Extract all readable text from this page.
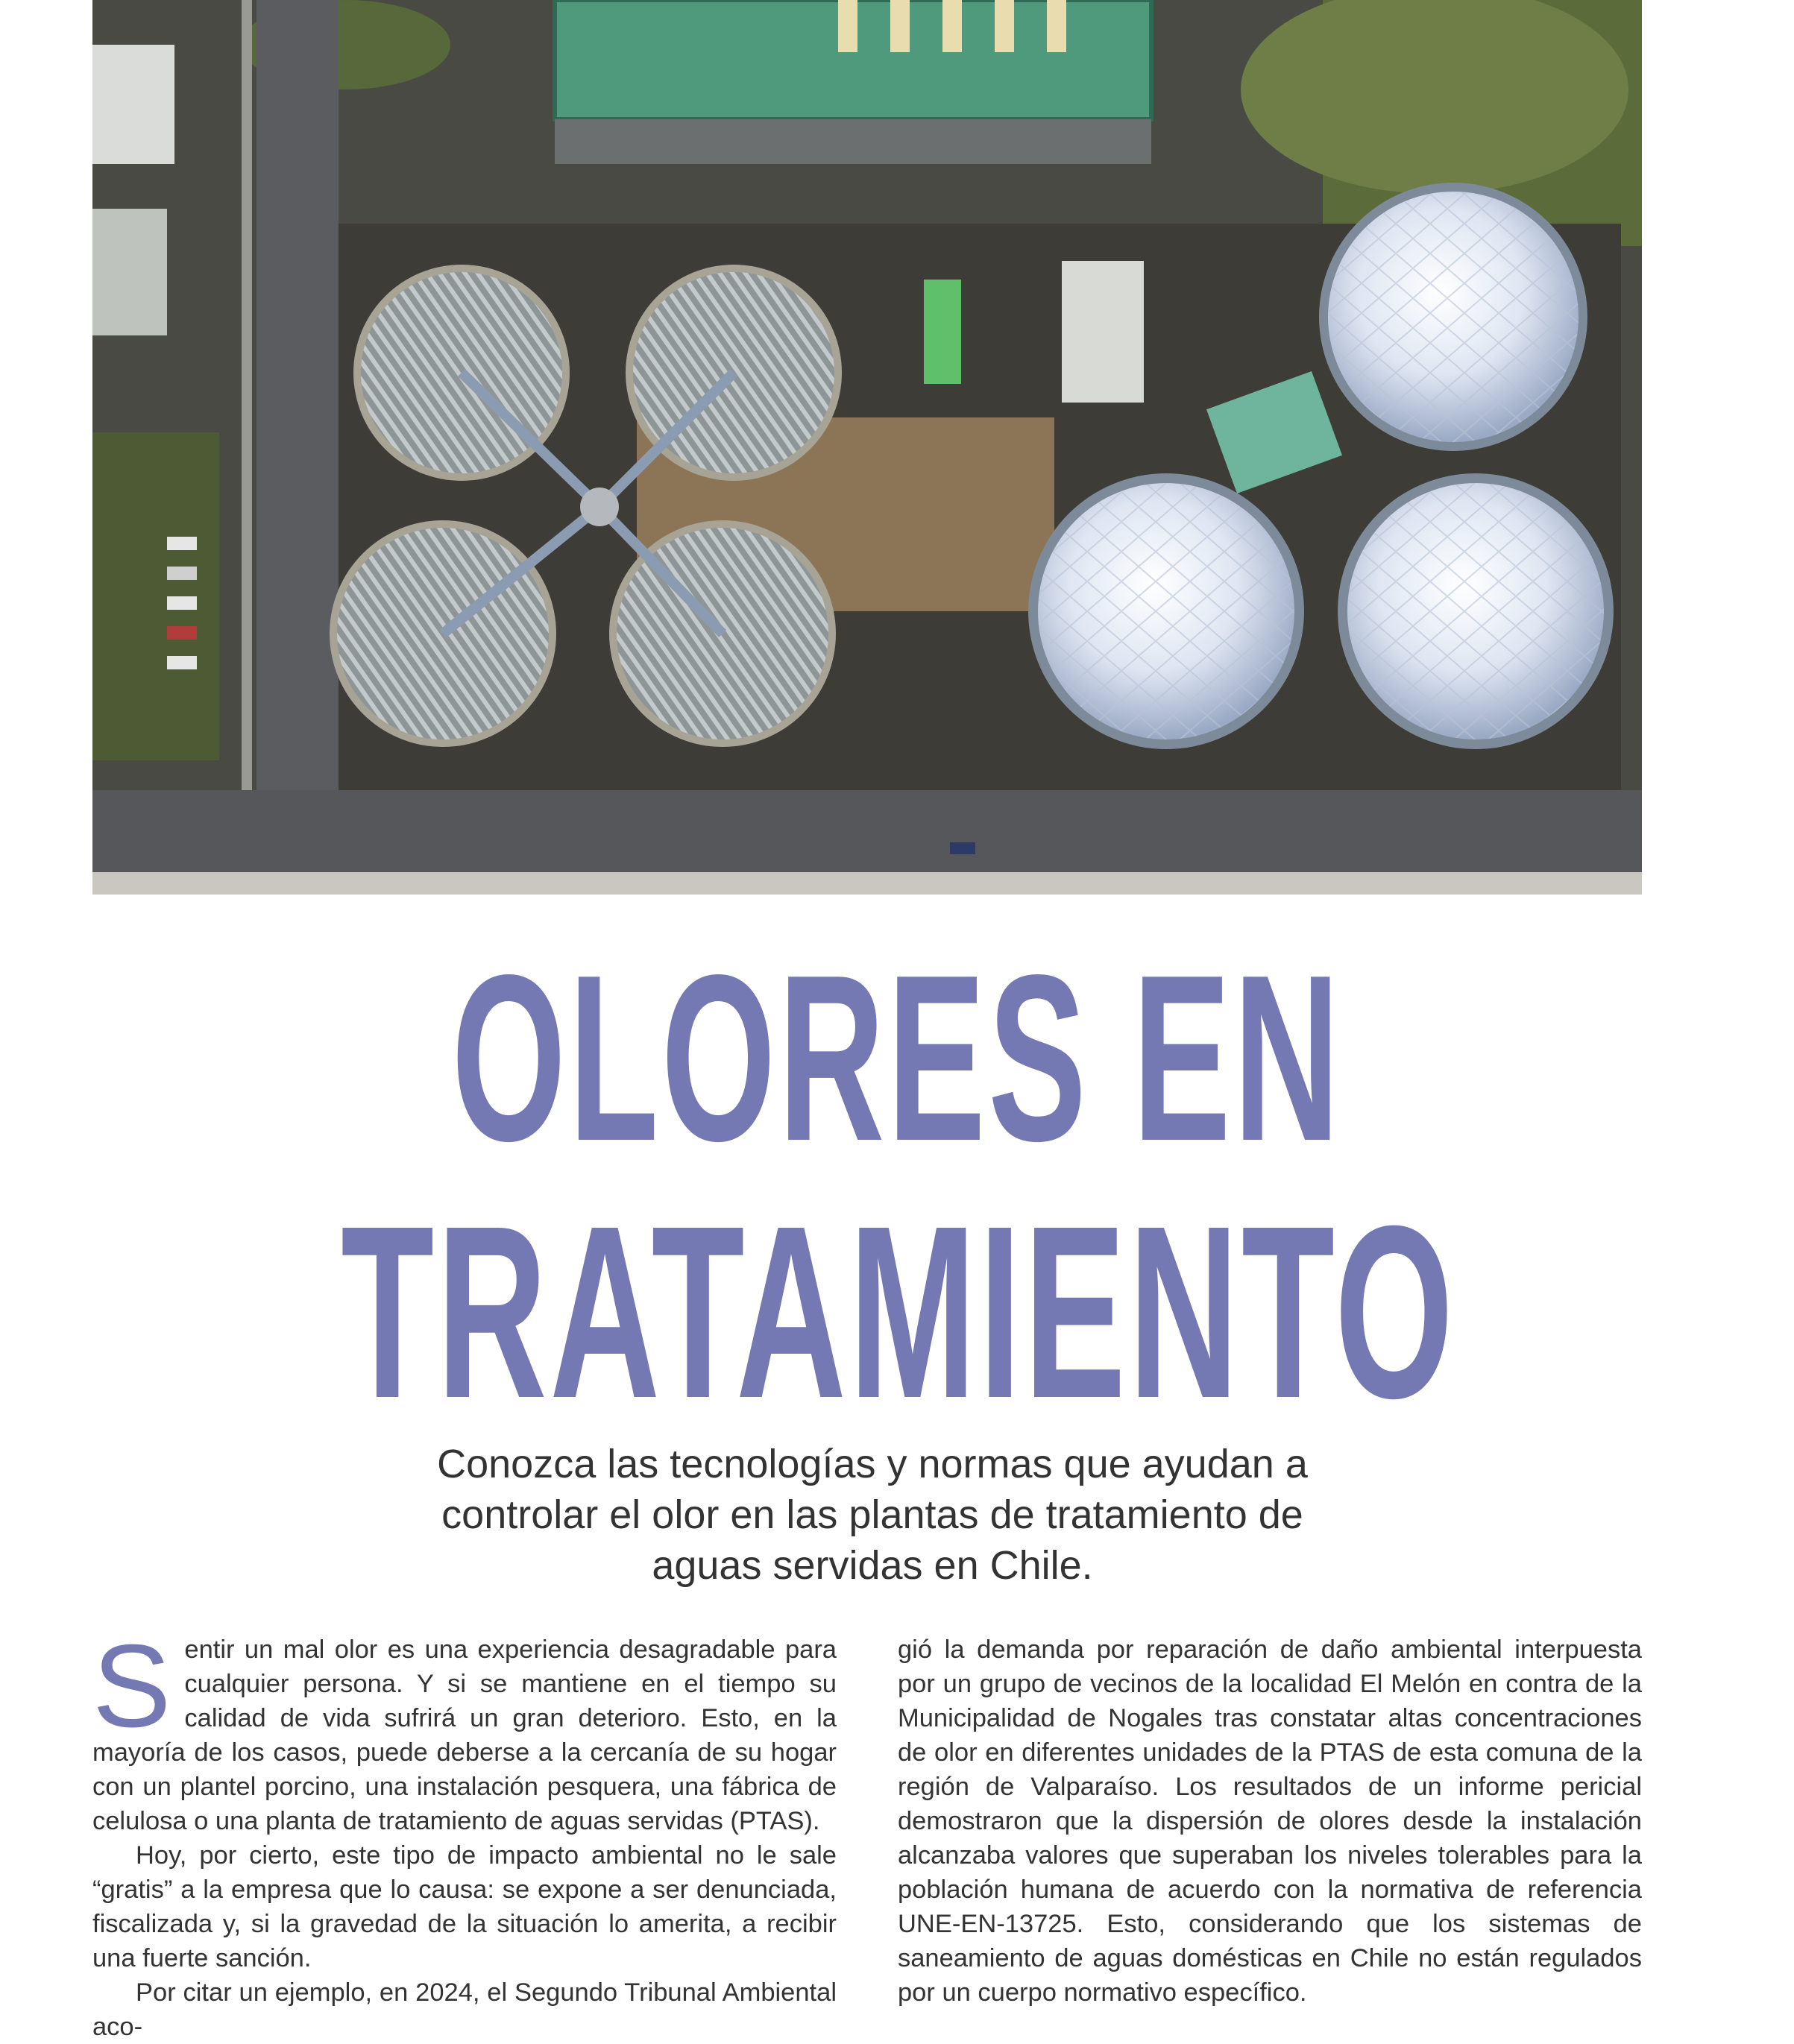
OLORES EN
TRATAMIENTO

Conozca las tecnologías y normas que ayudan a
controlar el olor en las plantas de tratamiento de
aguas servidas en Chile.

Sentir un mal olor es una experiencia desagradable para cualquier persona. Y si se mantiene en el tiempo su calidad de vida sufrirá un gran deterioro. Esto, en la mayoría de los casos, puede deberse a la cercanía de su hogar con un plantel porcino, una instalación pesquera, una fábrica de celulosa o una planta de tratamiento de aguas servidas (PTAS).

Hoy, por cierto, este tipo de impacto ambiental no le sale “gratis” a la empresa que lo causa: se expone a ser denunciada, fiscalizada y, si la gravedad de la situación lo amerita, a recibir una fuerte sanción.

Por citar un ejemplo, en 2024, el Segundo Tribunal Ambiental aco-

gió la demanda por reparación de daño ambiental interpuesta por un grupo de vecinos de la localidad El Melón en contra de la Municipalidad de Nogales tras constatar altas concentraciones de olor en diferentes unidades de la PTAS de esta comuna de la región de Valparaíso. Los resultados de un informe pericial demostraron que la dispersión de olores desde la instalación alcanzaba valores que superaban los niveles tolerables para la población humana de acuerdo con la normativa de referencia UNE-EN-13725. Esto, considerando que los sistemas de saneamiento de aguas domésticas en Chile no están regulados por un cuerpo normativo específico.
